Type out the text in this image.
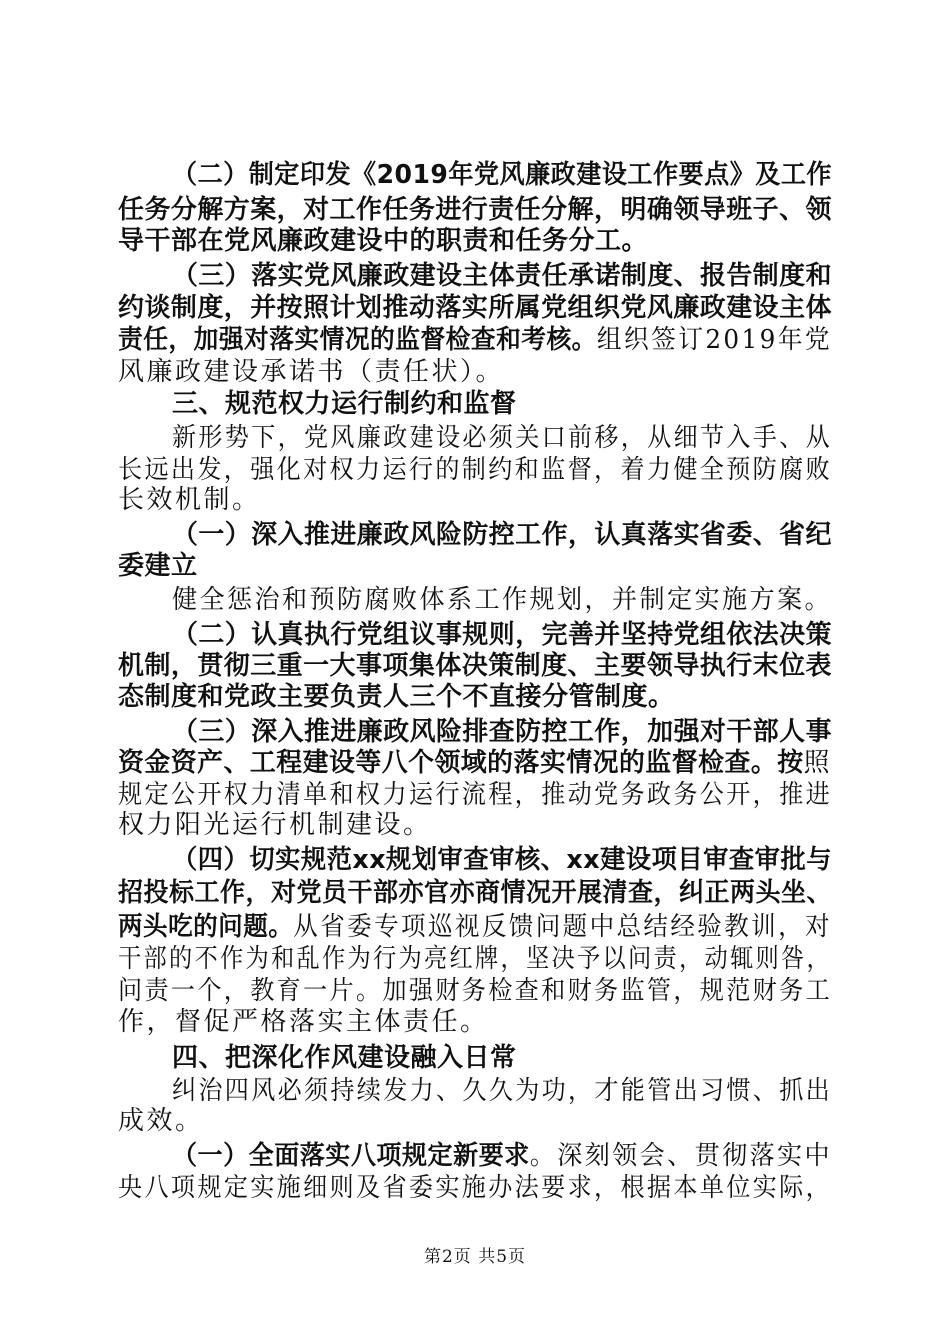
（二）制定印发《2019年党风廉政建设工作要点》及工作
任务分解方案，对工作任务进行责任分解，明确领导班子、领
导干部在党风廉政建设中的职责和任务分工。
（三）落实党风廉政建设主体责任承诺制度、报告制度和
约谈制度，并按照计划推动落实所属党组织党风廉政建设主体
责任，加强对落实情况的监督检查和考核。组织签订2019年党
风廉政建设承诺书（责任状）。
三、规范权力运行制约和监督
新形势下，党风廉政建设必须关口前移，从细节入手、从
长远出发，强化对权力运行的制约和监督，着力健全预防腐败
长效机制。
（一）深入推进廉政风险防控工作，认真落实省委、省纪
委建立
健全惩治和预防腐败体系工作规划，并制定实施方案。
（二）认真执行党组议事规则，完善并坚持党组依法决策
机制，贯彻三重一大事项集体决策制度、主要领导执行末位表
态制度和党政主要负责人三个不直接分管制度。
（三）深入推进廉政风险排查防控工作，加强对干部人事
资金资产、工程建设等八个领域的落实情况的监督检查。按照
规定公开权力清单和权力运行流程，推动党务政务公开，推进
权力阳光运行机制建设。
（四）切实规范xx规划审查审核、xx建设项目审查审批与
招投标工作，对党员干部亦官亦商情况开展清查，纠正两头坐、
两头吃的问题。从省委专项巡视反馈问题中总结经验教训，对
干部的不作为和乱作为行为亮红牌，坚决予以问责，动辄则咎，
问责一个，教育一片。加强财务检查和财务监管，规范财务工
作，督促严格落实主体责任。
四、把深化作风建设融入日常
纠治四风必须持续发力、久久为功，才能管出习惯、抓出
成效。
（一）全面落实八项规定新要求。深刻领会、贯彻落实中
央八项规定实施细则及省委实施办法要求，根据本单位实际，
第2页 共5页
